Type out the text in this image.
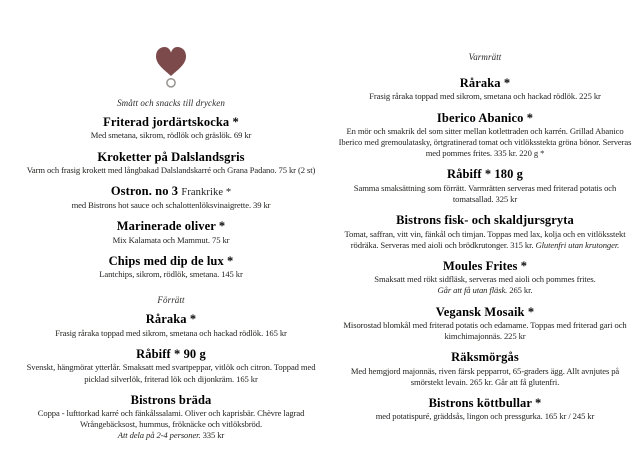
Smått och snacks till drycken
Friterad jordärtskocka *
Med smetana, sikrom, rödlök och gräslök. 69 kr
Kroketter på Dalslandsgris
Varm och frasig krokett med långbakad Dalslandskarré och Grana Padano. 75 kr (2 st)
Ostron. no 3 Frankrike *
med Bistrons hot sauce och schalottenlöksvinaigrette. 39 kr
Marinerade oliver *
Mix Kalamata och Mammut. 75 kr
Chips med dip de lux *
Lantchips, sikrom, rödlök, smetana. 145 kr
Förrätt
Råraka *
Frasig råraka toppad med sikrom, smetana och hackad rödlök. 165 kr
Råbiff * 90 g
Svenskt, hängmörat ytterlår. Smaksatt med svartpeppar, vitlök och citron. Toppad med picklad silverlök, friterad lök och dijonkräm. 165 kr
Bistrons bräda
Coppa - lufttorkad karré och fänkålssalami. Oliver och kaprisbär. Chèvre lagrad Wrångebäcksost, hummus, fröknäcke och vitlöksbröd.
Att dela på 2-4 personer. 335 kr
Varmrätt
Råraka *
Frasig råraka toppad med sikrom, smetana och hackad rödlök. 225 kr
Iberico Abanico *
En mör och smakrik del som sitter mellan kotlettraden och karrén. Grillad Abanico Iberico med gremoulatasky, örtgratinerad tomat och vitlöksstekta gröna bönor. Serveras med pommes frites. 335 kr. 220 g *
Råbiff * 180 g
Samma smaksättning som förrätt. Varmrätten serveras med friterad potatis och tomatsallad. 325 kr
Bistrons fisk- och skaldjursgryta
Tomat, saffran, vitt vin, fänkål och timjan. Toppas med lax, kolja och en vitlöksstekt rödräka. Serveras med aioli och brödkrutonger. 315 kr. Glutenfri utan krutonger.
Moules Frites *
Smaksatt med rökt sidfläsk, serveras med aioli och pommes frites.
Går att få utan fläsk. 265 kr.
Vegansk Mosaik *
Misorostad blomkål med friterad potatis och edamame. Toppas med friterad gari och kimchimajonnäs. 225 kr
Räksmörgås
Med hemgjord majonnäs, riven färsk pepparrot, 65-graders ägg. Allt avnjutes på smörstekt levain. 265 kr. Går att få glutenfri.
Bistrons köttbullar *
med potatispuré, gräddsås, lingon och pressgurka. 165 kr / 245 kr
